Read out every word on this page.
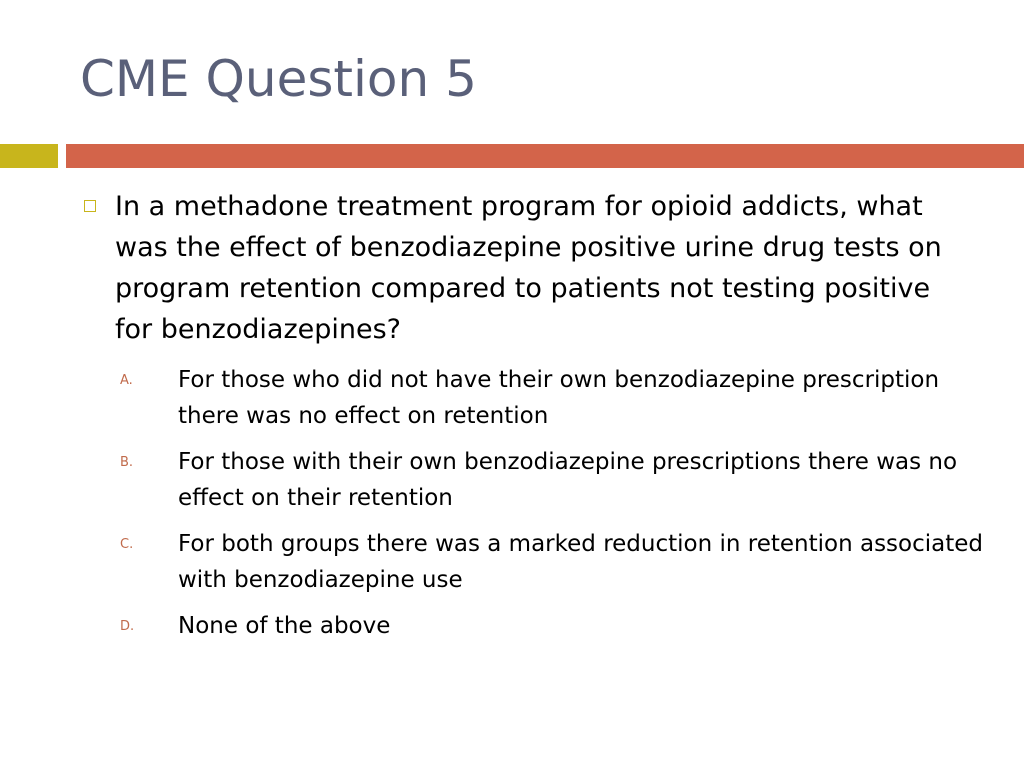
CME Question 5
In a methadone treatment program for opioid addicts, what was the effect of benzodiazepine positive urine drug tests on program retention compared to patients not testing positive for benzodiazepines?
A. For those who did not have their own benzodiazepine prescription there was no effect on retention
B. For those with their own benzodiazepine prescriptions there was no effect on their retention
C. For both groups there was a marked reduction in retention associated with benzodiazepine use
D. None of the above
